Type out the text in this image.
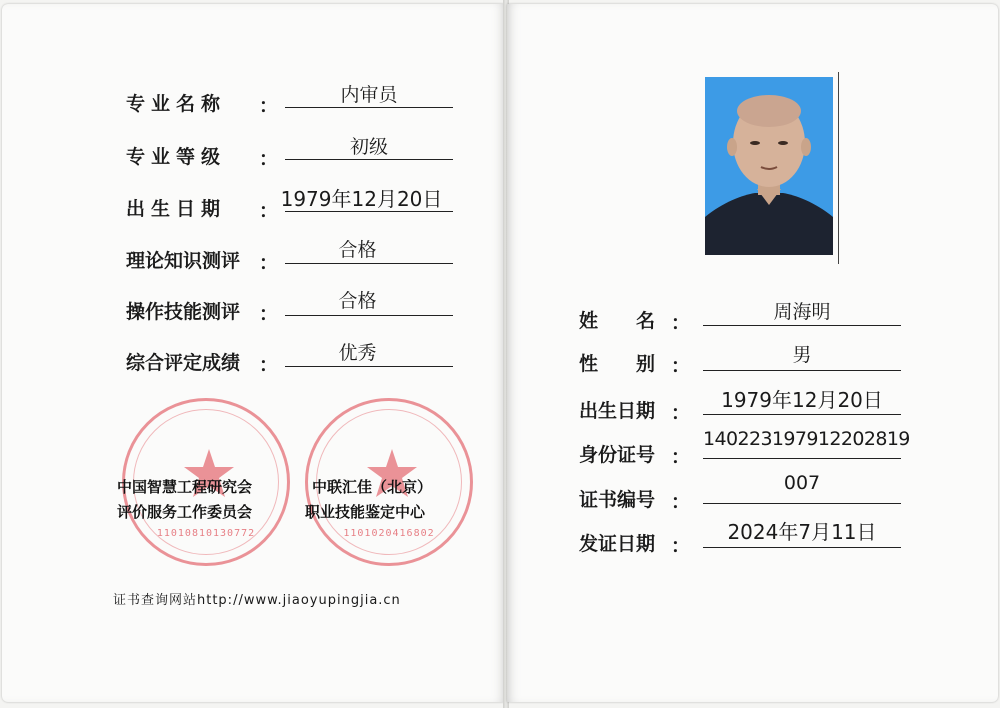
专业名称 ：	内审员
专业等级 ：
初级
出生日期 ： 1979年12月20日
理论知识测评 ：
合格
操作技能测评 ：
合格
综合评定成绩 ：
优秀
1101081013077​2	1101020416802
中国智慧工程研究会
评价服务工作委员会
中联汇佳（北京）
职业技能鉴定中心
证书查询网站http://www.jiaoyupingjia.cn
姓　　名 ：	周海明
性　　别 ：	男
出生日期 ：
1979年12月20日
身份证号 ：
140223197912202819
证书编号 ：
007
发证日期 ：
2024年7月11日
